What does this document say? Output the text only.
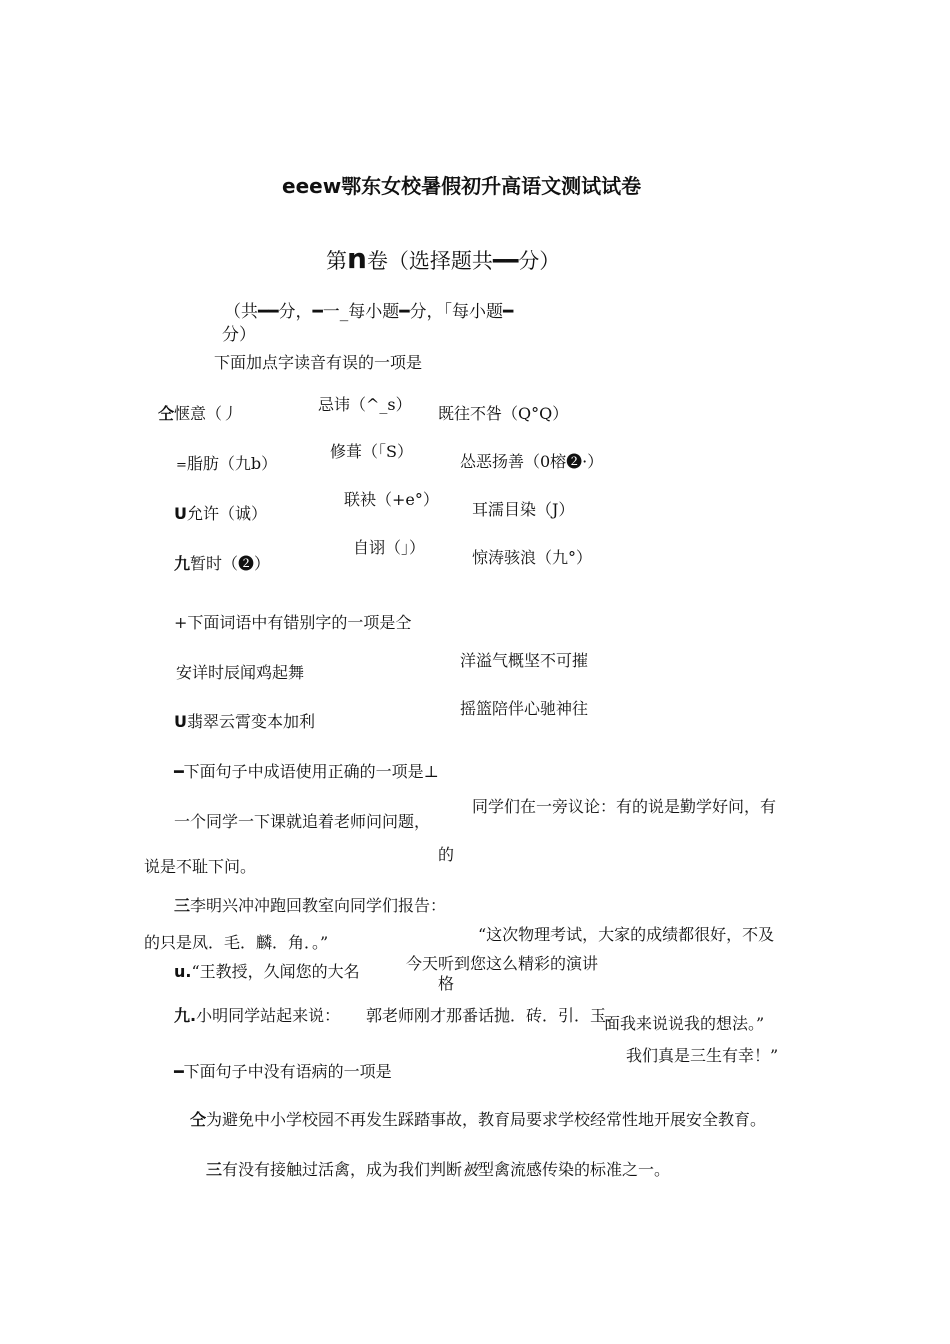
eeew鄂东女校暑假初升高语文测试试卷
第n卷（选择题共━━分）
（共━━分，━一_每小题━分，「每小题━
分）
下面加点字读音有误的一项是
仝惬意（丿	忌讳（^_s） 既往不咎（Q°Q）
=脂肪（九b）
修葺（「S）
怂恶扬善（0榕❷·）
U允许（诚）
联袂（+e°）
耳濡目染（J）
九暂时（❷）
自诩（」）
惊涛骇浪（九°）
+下面词语中有错别字的一项是仝
安详时辰闻鸡起舞
洋溢气概坚不可摧
U翡翠云霄变本加利
摇篮陪伴心驰神往
━下面句子中成语使用正确的一项是⊥
一个同学一下课就追着老师问问题，
同学们在一旁议论：有的说是勤学好问，有
的
说是不耻下问。
三李明兴冲冲跑回教室向同学们报告：
“这次物理考试，大家的成绩都很好，不及
的只是凤．毛．麟．角．。”
u.“王教授，久闻您的大名	今天听到您这么精彩的演讲
格
九.小明同学站起来说： 郭老师刚才那番话抛．砖．引．玉．
面我来说说我的想法。”
我们真是三生有幸！”
━下面句子中没有语病的一项是
仝为避免中小学校园不再发生踩踏事故，教育局要求学校经常性地开展安全教育。
三有没有接触过活禽，成为我们判断被型禽流感传染的标准之一。
